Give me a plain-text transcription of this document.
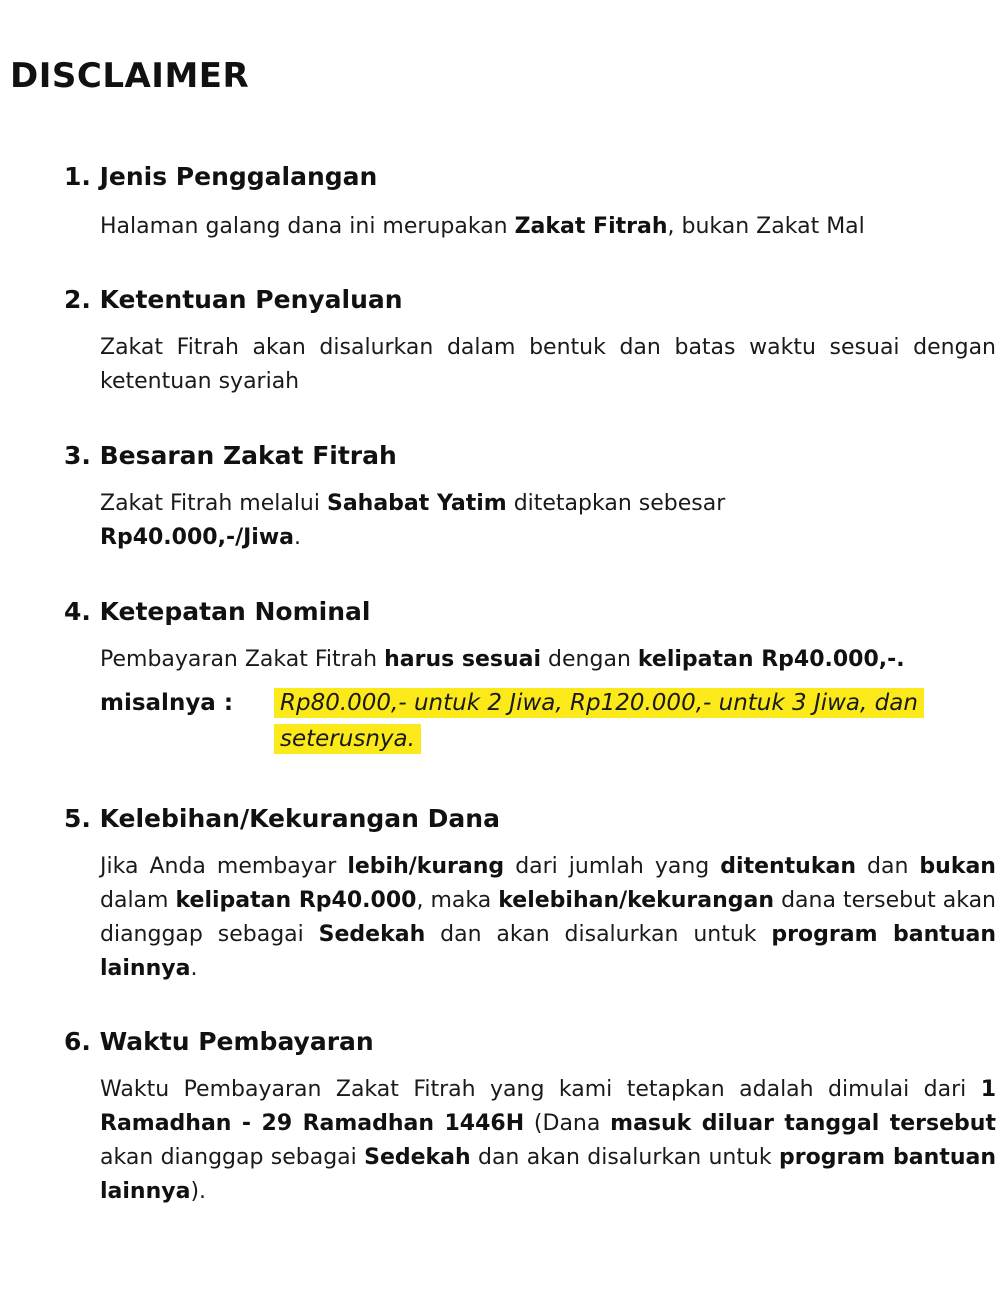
DISCLAIMER
1. Jenis Penggalangan

Halaman galang dana ini merupakan Zakat Fitrah, bukan Zakat Mal

2. Ketentuan Penyaluan

Zakat Fitrah akan disalurkan dalam bentuk dan batas waktu sesuai dengan ketentuan syariah

3. Besaran Zakat Fitrah

Zakat Fitrah melalui Sahabat Yatim ditetapkan sebesar Rp40.000,-/Jiwa.

4. Ketepatan Nominal

Pembayaran Zakat Fitrah harus sesuai dengan kelipatan Rp40.000,-.

misalnya : Rp80.000,- untuk 2 Jiwa, Rp120.000,- untuk 3 Jiwa, dan seterusnya.
5. Kelebihan/Kekurangan Dana

Jika Anda membayar lebih/kurang dari jumlah yang ditentukan dan bukan dalam kelipatan Rp40.000, maka kelebihan/kekurangan dana tersebut akan dianggap sebagai Sedekah dan akan disalurkan untuk program bantuan lainnya.

6. Waktu Pembayaran

Waktu Pembayaran Zakat Fitrah yang kami tetapkan adalah dimulai dari 1 Ramadhan - 29 Ramadhan 1446H (Dana masuk diluar tanggal tersebut akan dianggap sebagai Sedekah dan akan disalurkan untuk program bantuan lainnya).
